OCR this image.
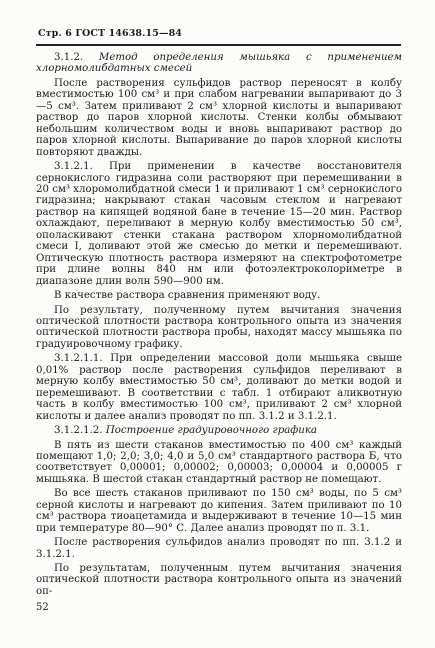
Стр. 6 ГОСТ 14638.15—84

3.1.2. Метод определения мышьяка с применением хлорномолибдатных смесей

После растворения сульфидов раствор переносят в колбу вместимостью 100 см³ и при слабом нагревании выпаривают до 3—5 см³. Затем приливают 2 см³ хлорной кислоты и выпаривают раствор до паров хлорной кислоты. Стенки колбы обмывают небольшим количеством воды и вновь выпаривают раствор до паров хлорной кислоты. Выпаривание до паров хлорной кислоты повторяют дважды.

3.1.2.1. При применении в качестве восстановителя сернокислого гидразина соли растворяют при перемешивании в 20 см³ хлоромолибдатной смеси 1 и приливают 1 см³ сернокислого гидразина; накрывают стакан часовым стеклом и нагревают раствор на кипящей водяной бане в течение 15—20 мин. Раствор охлаждают, переливают в мерную колбу вместимостью 50 см³, ополаскивают стенки стакана раствором хлорномолибдатной смеси I, доливают этой же смесью до метки и перемешивают. Оптическую плотность раствора измеряют на спектрофотометре при длине волны 840 нм или фотоэлектроколориметре в диапазоне длин волн 590—900 нм.

В качестве раствора сравнения применяют воду.

По результату, полученному путем вычитания значения оптической плотности раствора контрольного опыта из значения оптической плотности раствора пробы, находят массу мышьяка по градуировочному графику.

3.1.2.1.1. При определении массовой доли мышьяка свыше 0,01% раствор после растворения сульфидов переливают в мерную колбу вместимостью 50 см³, доливают до метки водой и перемешивают. В соответствии с табл. 1 отбирают аликвотную часть в колбу вместимостью 100 см³, приливают 2 см³ хлорной кислоты и далее анализ проводят по пп. 3.1.2 и 3.1.2.1.

3.1.2.1.2. Построение градуировочного графика

В пять из шести стаканов вместимостью по 400 см³ каждый помещают 1,0; 2,0; 3,0; 4,0 и 5,0 см³ стандартного раствора Б, что соответствует 0,00001; 0,00002; 0,00003; 0,00004 и 0,00005 г мышьяка. В шестой стакан стандартный раствор не помещают.

Во все шесть стаканов приливают по 150 см³ воды, по 5 см³ серной кислоты и нагревают до кипения. Затем приливают по 10 см³ раствора тиоацетамида и выдерживают в течение 10—15 мин при температуре 80—90° С. Далее анализ проводят по п. 3.1.

После растворения сульфидов анализ проводят по пп. 3.1.2 и 3.1.2.1.

По результатам, полученным путем вычитания значения оптической плотности раствора контрольного опыта из значений оп-

52
